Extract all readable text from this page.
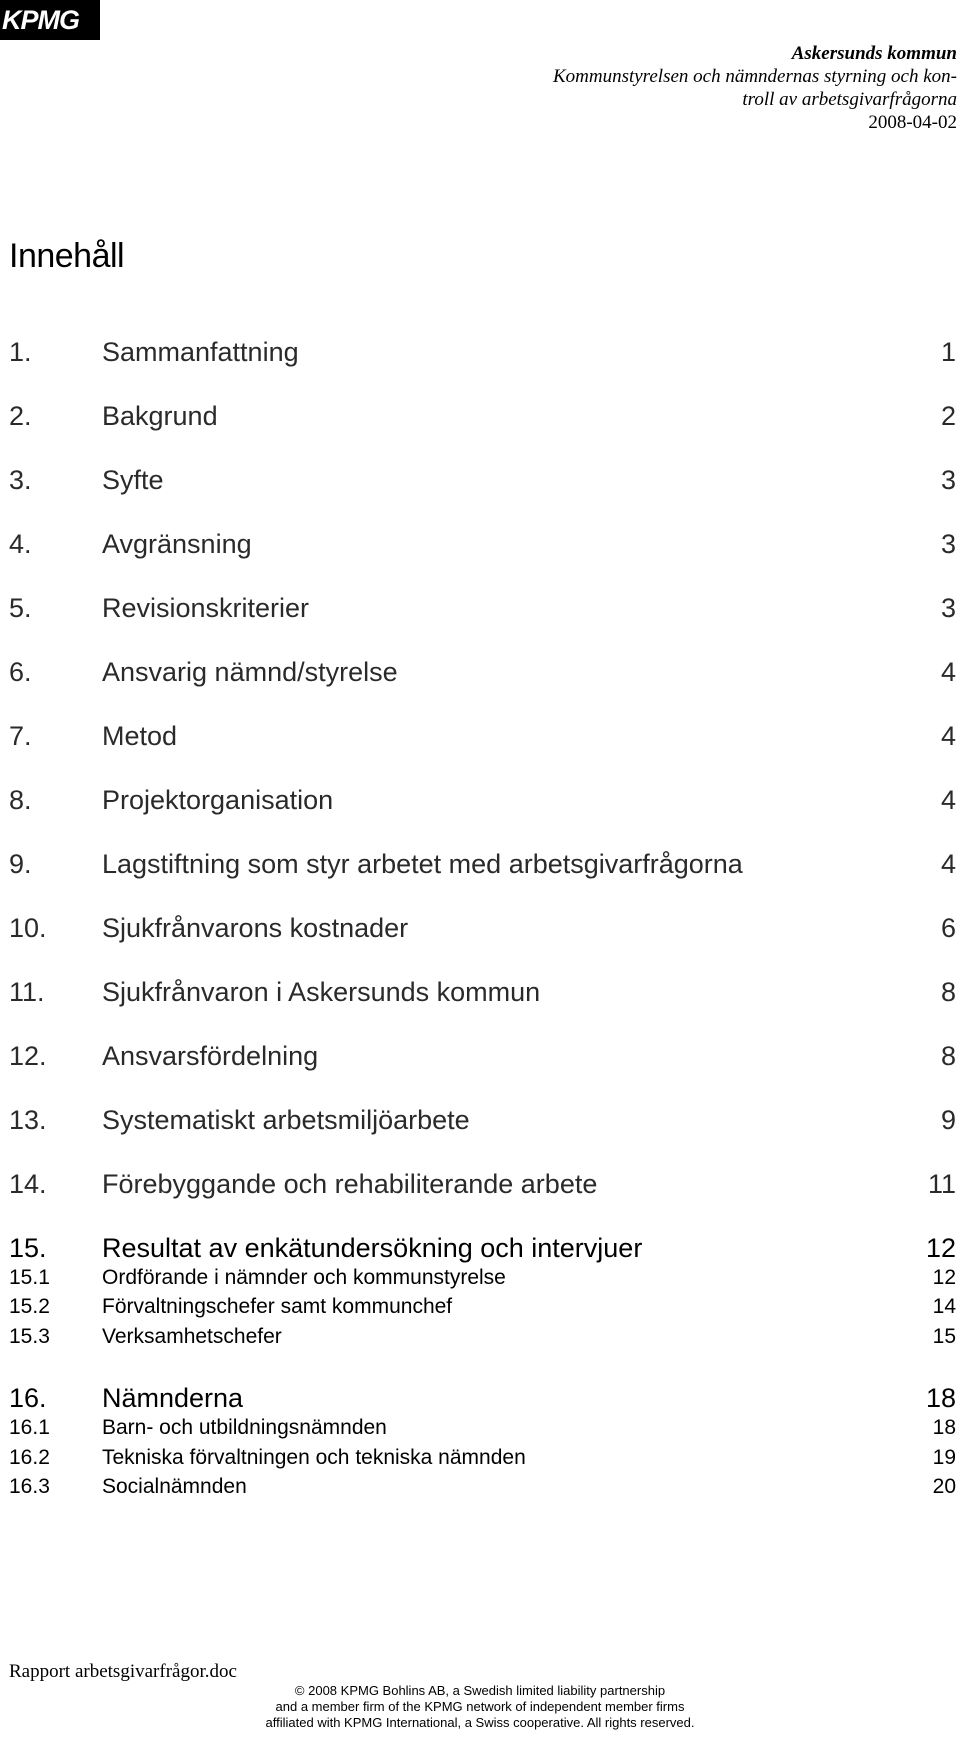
KPMG
Askersunds kommun
Kommunstyrelsen och nämndernas styrning och kon-
troll av arbetsgivarfrågorna
2008-04-02
Innehåll
1.	Sammanfattning	1
2.	Bakgrund	2
3.	Syfte	3
4.	Avgränsning	3
5.	Revisionskriterier	3
6.	Ansvarig nämnd/styrelse	4
7.	Metod	4
8.	Projektorganisation	4
9.	Lagstiftning som styr arbetet med arbetsgivarfrågorna	4
10. Sjukfrånvarons kostnader	6
11. Sjukfrånvaron i Askersunds kommun	8
12. Ansvarsfördelning	8
13. Systematiskt arbetsmiljöarbete	9
14. Förebyggande och rehabiliterande arbete	11
15. Resultat av enkätundersökning och intervjuer	12
15.1 Ordförande i nämnder och kommunstyrelse	12
15.2 Förvaltningschefer samt kommunchef	14
15.3 Verksamhetschefer	15
16. Nämnderna	18
16.1 Barn- och utbildningsnämnden	18
16.2 Tekniska förvaltningen och tekniska nämnden	19
16.3 Socialnämnden	20
Rapport arbetsgivarfrågor.doc
© 2008 KPMG Bohlins AB, a Swedish limited liability partnership
and a member firm of the KPMG network of independent member firms
affiliated with KPMG International, a Swiss cooperative. All rights reserved.
